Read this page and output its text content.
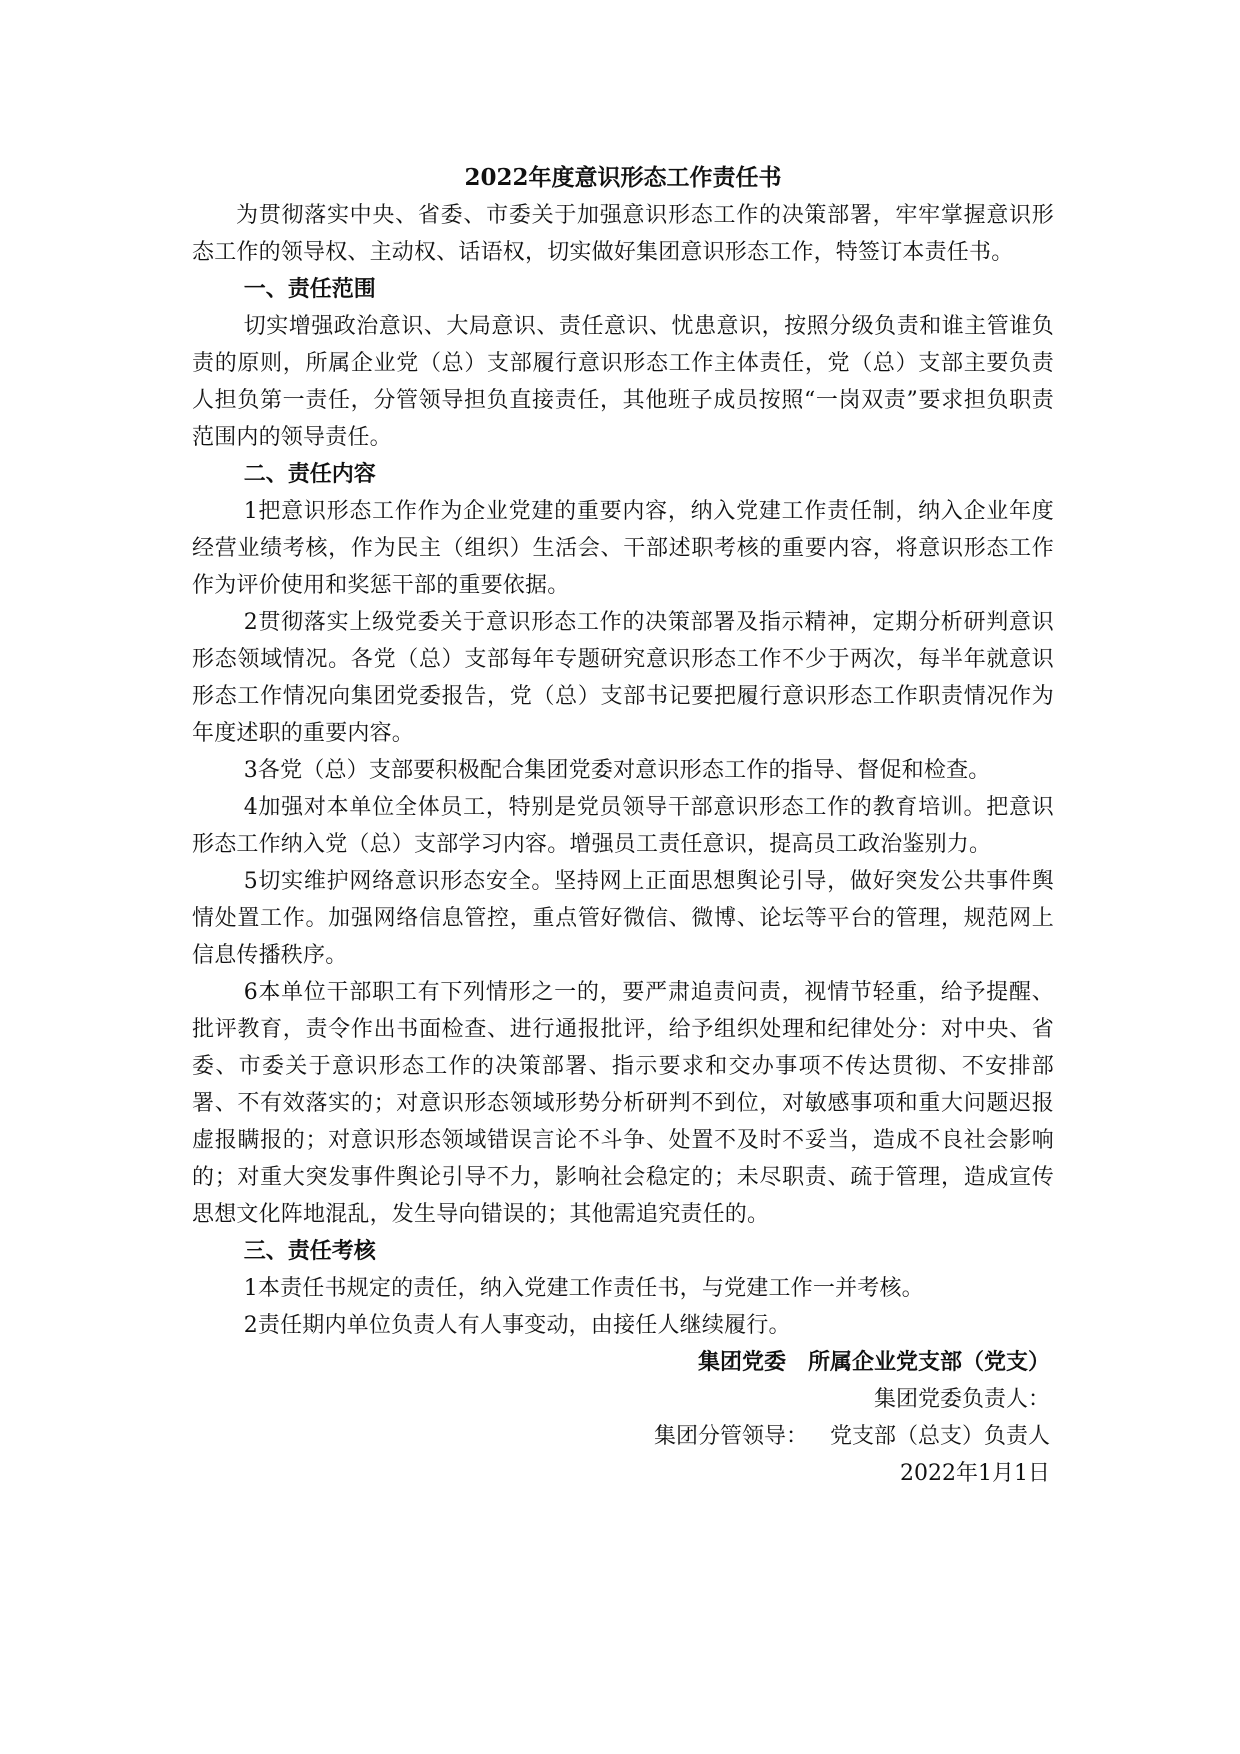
2022年度意识形态工作责任书

为贯彻落实中央、省委、市委关于加强意识形态工作的决策部署，牢牢掌握意识形态工作的领导权、主动权、话语权，切实做好集团意识形态工作，特签订本责任书。

一、责任范围

切实增强政治意识、大局意识、责任意识、忧患意识，按照分级负责和谁主管谁负责的原则，所属企业党（总）支部履行意识形态工作主体责任，党（总）支部主要负责人担负第一责任，分管领导担负直接责任，其他班子成员按照“一岗双责”要求担负职责范围内的领导责任。

二、责任内容

1把意识形态工作作为企业党建的重要内容，纳入党建工作责任制，纳入企业年度经营业绩考核，作为民主（组织）生活会、干部述职考核的重要内容，将意识形态工作作为评价使用和奖惩干部的重要依据。

2贯彻落实上级党委关于意识形态工作的决策部署及指示精神，定期分析研判意识形态领域情况。各党（总）支部每年专题研究意识形态工作不少于两次，每半年就意识形态工作情况向集团党委报告，党（总）支部书记要把履行意识形态工作职责情况作为年度述职的重要内容。

3各党（总）支部要积极配合集团党委对意识形态工作的指导、督促和检查。

4加强对本单位全体员工，特别是党员领导干部意识形态工作的教育培训。把意识形态工作纳入党（总）支部学习内容。增强员工责任意识，提高员工政治鉴别力。

5切实维护网络意识形态安全。坚持网上正面思想舆论引导，做好突发公共事件舆情处置工作。加强网络信息管控，重点管好微信、微博、论坛等平台的管理，规范网上信息传播秩序。

6本单位干部职工有下列情形之一的，要严肃追责问责，视情节轻重，给予提醒、批评教育，责令作出书面检查、进行通报批评，给予组织处理和纪律处分：对中央、省委、市委关于意识形态工作的决策部署、指示要求和交办事项不传达贯彻、不安排部署、不有效落实的；对意识形态领域形势分析研判不到位，对敏感事项和重大问题迟报虚报瞒报的；对意识形态领域错误言论不斗争、处置不及时不妥当，造成不良社会影响的；对重大突发事件舆论引导不力，影响社会稳定的；未尽职责、疏于管理，造成宣传思想文化阵地混乱，发生导向错误的；其他需追究责任的。

三、责任考核

1本责任书规定的责任，纳入党建工作责任书，与党建工作一并考核。

2责任期内单位负责人有人事变动，由接任人继续履行。

集团党委 所属企业党支部（党支）

集团党委负责人：

集团分管领导： 党支部（总支）负责人

2022年1月1日
